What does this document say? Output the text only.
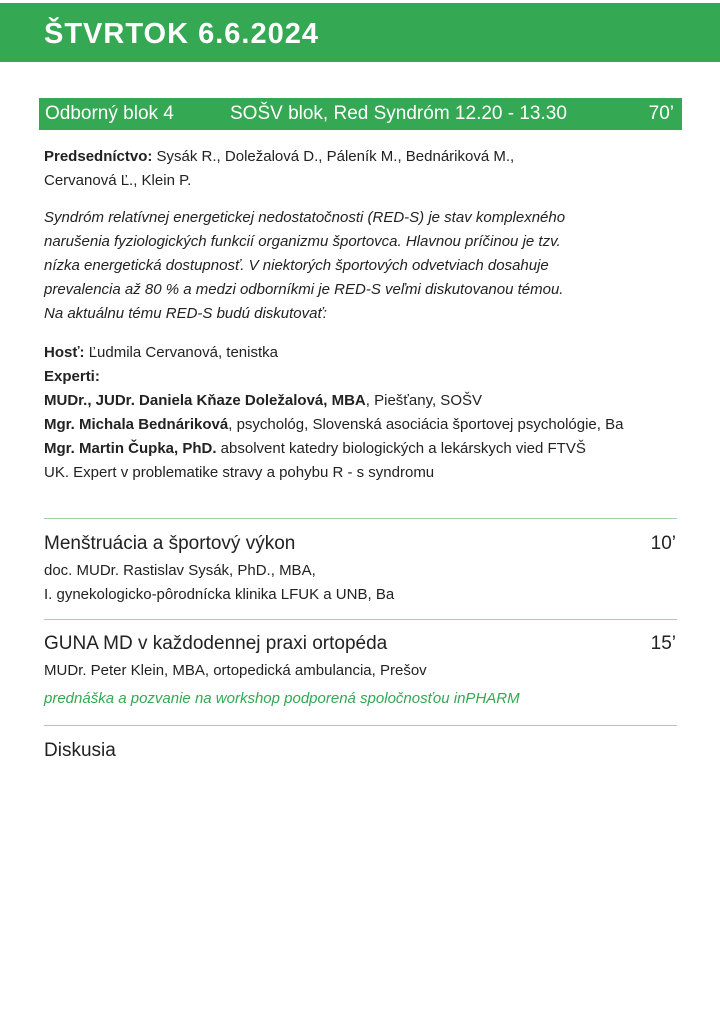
ŠTVRTOK 6.6.2024
Odborný blok 4	SOŠV blok, Red Syndróm 12.20 - 13.30	70’
Predsedníctvo: Sysák R., Doležalová D., Páleník M., Bednáriková M.,
Cervanová Ľ., Klein P.
Syndróm relatívnej energetickej nedostatočnosti (RED-S) je stav komplexného
narušenia fyziologických funkcií organizmu športovca. Hlavnou príčinou je tzv.
nízka energetická dostupnosť. V niektorých športových odvetviach dosahuje
prevalencia až 80 % a medzi odborníkmi je RED-S veľmi diskutovanou témou.
Na aktuálnu tému RED-S budú diskutovať:

Hosť: Ľudmila Cervanová, tenistka

Experti:

MUDr., JUDr. Daniela Kňaze Doležalová, MBA, Piešťany, SOŠV

Mgr. Michala Bednáriková, psychológ, Slovenská asociácia športovej psychológie, Ba

Mgr. Martin Čupka, PhD. absolvent katedry biologických a lekárskych vied FTVŠ

UK. Expert v problematike stravy a pohybu R - s syndromu

Menštruácia a športový výkon	10’
doc. MUDr. Rastislav Sysák, PhD., MBA,
I. gynekologicko-pôrodnícka klinika LFUK a UNB, Ba
GUNA MD v každodennej praxi ortopéda	15’
MUDr. Peter Klein, MBA, ortopedická ambulancia, Prešov
prednáška a pozvanie na workshop podporená spoločnosťou inPHARM
Diskusia
